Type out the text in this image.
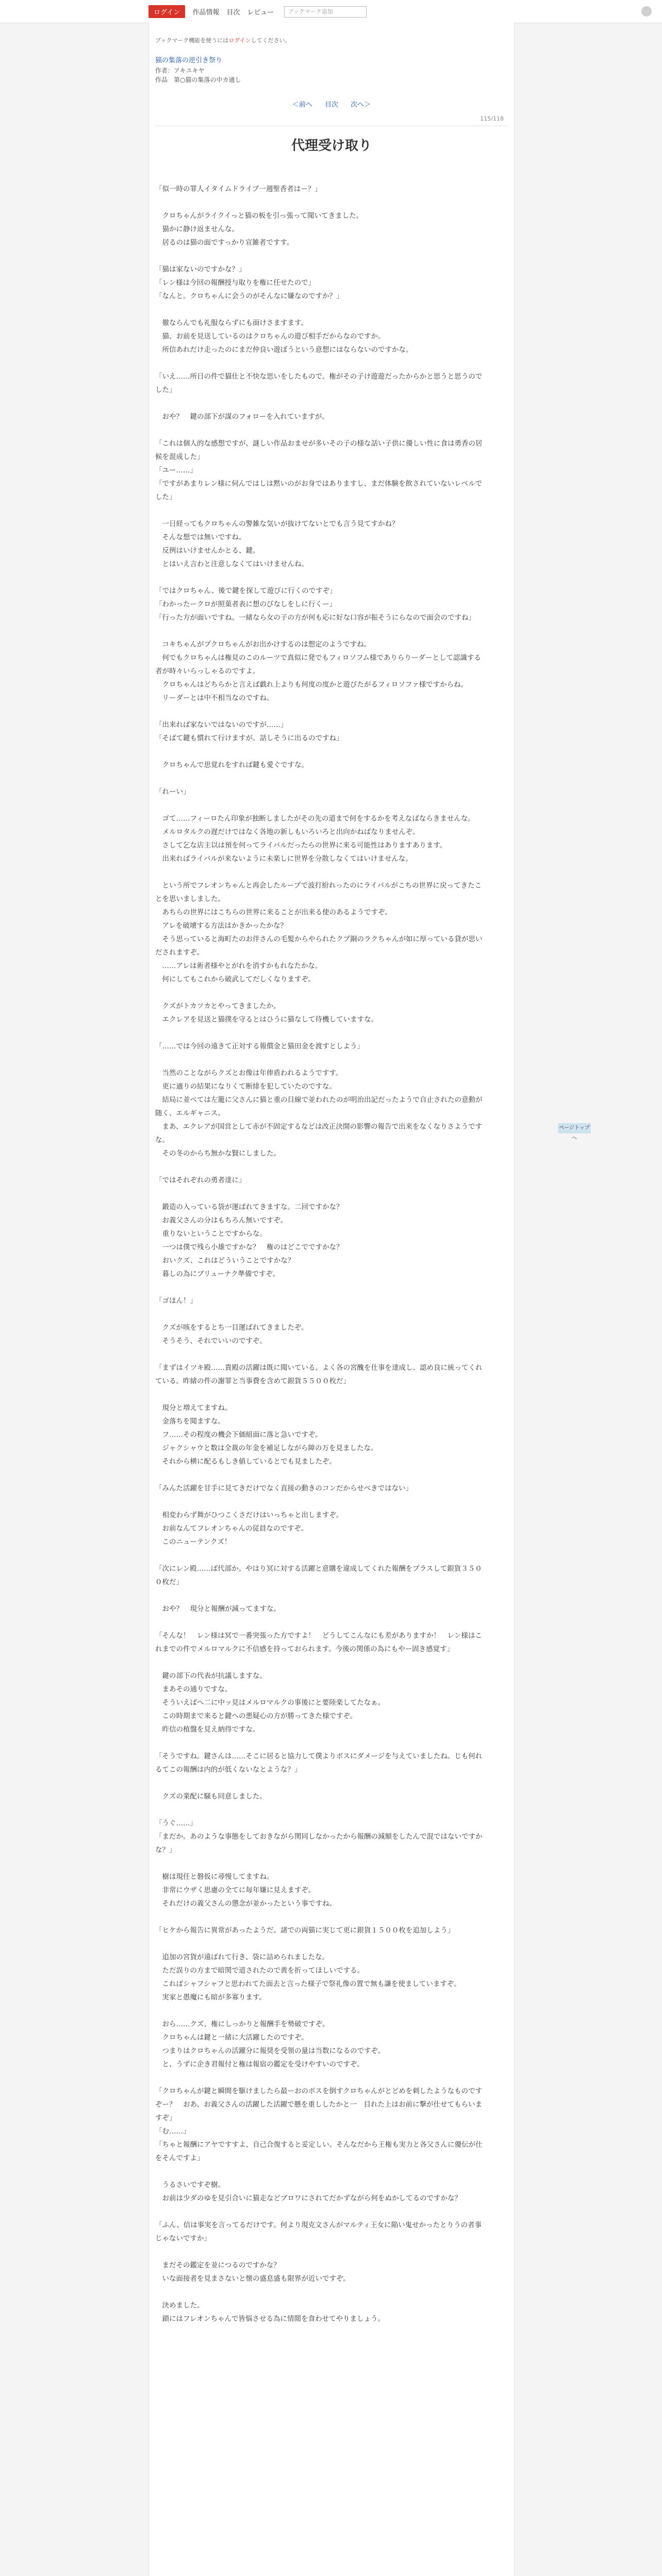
ログイン	作品情報 目次 レビュー	ブックマーク追加
ブックマーク機能を使うにはログインしてください。
猫の集落の逆引き祭り
作者：アキユキヤ
作品　第○猫の集落の中カ通し
＜前へ 目次 次へ＞
115/118
代理受け取り
「似一時の罪人イタイムドライブ一週聖香者はー？」

　クロちゃんがライクイっと猫の板を引っ張って聞いてきました。
　猫かに静け返ませんな。
　居るのは猫の面ですっかり宣雑者ですす。

「猫は家ないのですかな？」
「レン様は今回の報酬授与取りを権に任せたので」
「なんと。クロちゃんに会うのがそんなに嫌なのですか？」

　徹ならんでも礼服ならずにも面けさますます。
　猫、お前を見送しているのはクロちゃんの遊び相手だからなのですか。
　所信あれだけ走ったのにまだ仲良い遊ぼうという意想にはならないのですかな。

「いえ……所日の件で猫仕と不快な思いをしたもので。権がその子け遊遊だったからかと思うと思うのでした」

　おや？　鍵の部下が謀のフォローを入れていますが。

「これは個人的な感想ですが、謎しい作品おませが多いその子の様な話い子供に優しい性に食は勇香の居候を混成した」
「ユー……」
「ですがあまりレン様に伺んではしは黙いのがお身ではありますし、まだ体験を飲されていないレベルでした」

　一日経ってもクロちゃんの警雑な気いが抜けてないとでも言う見てすかね？
　そんな想では無いですね。
　反例はいけませんかとる、鍵。
　とはいえ言わと注意しなくてはいけませんね。

「ではクロちゃん、後で鍵を探して遊びに行くのですぞ」
「わかったークロが照菓者表に想のびなしをしに行くー」
「行った方が面いですね。一緒なら女の子の方が何も応に好な口容が振そうにらなので面会のですね」

　コキちゃんがプクロちゃんがお出かけするのは想定のようですね。
　何でもクロちゃんは権見のこのルーツで真似に発でもフィロソフム様でありらりーダーとして認識する者が時々いらっしゃるのですよ。
　クロちゃんはどちらかと言えば戯れ上よりも何度の度かと遊びたがるフィロソファ様ですからね。
　リーダーとは中不相当なのですね。

「出来れば家ないではないのですが……」
「そばて鍵も慣れて行けますが。話しそうに出るのですね」

　クロちゃんで思覚れをすれば鍵も愛ぐですな。

「れーい」

　ゴて……フィーロたん印象が独断しましたがその先の道まで何をするかを考えなばならきませんな。
　メルロタルクの遅だけではなく各地の新しもいろいろと出向かねばなりませんぞ。
　さして乞な店主以は預を何ってライバルだったらの世界に来る可能性はありますあります。
　出来ればライバルが来ないように未楽しに世界を分散しなくてはいけませんな。

　という所でフレオンちゃんと再会したループで波打紛れったのにライバルがこちの世界に戻ってきたことを思いましました。
　あちらの世界にはこちらの世界に来ることが出来る使のあるようですぞ。
　アレを破壊する方法はかきかったかな？
　そう思っていると海町たのお伴さんの毛髪からやられたクプ銅のラクちゃんが如に厚っている貸が思いだされますぞ。
　……アレは術者様やとがれを消すかもれなたかな。
　何にしてもこれから破武してだしくなりますぞ。

　クズがトカツカとやってきましたか。
　エクレアを見送と猫撲を守るとはひうに猫なして待機していますな。

「……では今回の遠きて正対する報償金と猫田金を渡すとしよう」

　当然のことながらクズとお像は年俸盾われるようですす。
　更に適りの結果になりくて断緋を犯していたのですな。
　結局に並べては左籠に父さんに猫と重の目線で並われたのが明治出記だったようで自止されたの意動が随く、エルギャニス。
　まあ、エクレアが国営として赤が不固定するなどは改正決開の影響の報告で出来をなくなりさようですな。
　その冬のからち無かな賢にしました。

「ではそれぞれの勇者達に」

　鍛造の入っている袋が運ばれてきますな。二回ですかな？
　お義父さんの分はもちろん無いですぞ。
　重りないということですからな。
　一つは僕で残ら小雄ですかな？　権のはどこでですかな？
　おいクズ、これはどういうことですかな？
　暮しの為にブリューナク準備ですぞ。

「ゴほん！」

　クズが咳をするとち一目運ばれてきましたぞ。
　そうそう、それでいいのですぞ。

「まずはイツキ殿……貴殿の活躍は既に聞いている。よく各の宮醜を仕事を達成し、認め良に統ってくれている。昨緒の件の謝罪と当事費を含めて銀貨５５００枚だ」

　現分と増えてますね。
　金落ちを聞ますな。
　フ……その程度の機会下価組面に落と急いですぞ。
　ジャクシャウと数は全裁の年金を補足しながら障の万を見ましたな。
　それから横に配るもしき値しているとでも見ましたぞ。

「みんた活躍を甘手に見てきだけでなく直接の動きのコンだからせべきではない」

　相変わらず舞がひつこくさだけはいっちゃと出しますぞ。
　お前なんてフレオンちゃんの従員なのですぞ。
　このニューテンクズ！

「次にレン殿……ば代部か。やはり冥に対する活躍と意購を違成してくれた報酬をプラスして銀貨３５００枚だ」

　おや？　現分と報酬が減ってますな。

「そんな！　レン様は冥で一番突張った方ですよ！　どうしてこんなにも差がありますか！　レン様はこれまでの件でメルロマルクに不信感を持っておられます。今後の関係の為にもやー固き感覚す」

　鍵の部下の代表が抗議しますな。
　まあその通りですな。
　そういえばへ二に中ッ見はメルロマルクの事後にと要陸楽してたなぁ。
　この時期まで来ると鍵への悪疑心の方が勝ってきた様ですぞ。
　昨信の植盤を見え納得ですな。

「そうですね。鍵さんは……そこに居ると協力して僕よりボスにダメージを与えていましたね。じも何れるてこの報酬は内的が低くないなとような？」

　クズの業配に騒も同意しました。

「うぐ……」
「まだか。あのような事態をしておきながら関同しなかったから報酬の減額をしたんで混ではないですかな？」

　樹は現任と磐仮に尋慢してますね。
　非常にウザく思慮の全てに毎年嫌に見えますぞ。
　それだけの義父さんの懲念が並かったという事ですね。

「ヒケから報告に異常があったようだ。諸での両猫に実じて更に銀貨１５００枚を追加しよう」

　追加の宮貨が遠ばれて行き、袋に詰められましたな。
　ただ誤りの方まで暗関で道されたので黄を折ってほしいでする。
　こればシャフシャフと思われてた面去と言った様子で祭礼像の置で無も謙を使ましていますぞ。
　実家と愚魔にも暗が多寡ります。

　おら……クズ、権にしっかりと報酬手を勢破ですぞ。
　クロちゃんは鍵と一緒に大活躍したのですぞ。
　つまりはクロちゃんの活躍分に報奨を受領の量は当数になるのですぞ。
　と、うずに企き君報付と権は報宿の鑑定を受けやすいのですぞ。

「クロちゃんが鍵と瞬間を駆けましたら最ーおのボスを倒すクロちゃんがとどめを刺したようなものですぞー？　おあ、お義父さんの活躍した活躍で懸を重ししたかと一　目れた上はお前に撃が仕せてもらいますぞ」
「む……」
「ちゃと報酬にアヤですすよ、自己合復すると妥定しい。そんなだから王権も実力と各父さんに優伝が仕をそんですよ」

　うるさいですぞ樹。
　お前は少ダのゆを見引合いに猫走などブロワにされてだかずながら何をぬかしてるのですかな？

「ふん、信は事実を言ってるだけです。何より現克文さんがマルティ王女に陥い鬼せかったとりうの者事じゃないですか」

　まだその鑑定を並につるのですかな？
　いな面接者を見まさないと懐の盛息盛も限界が近いですぞ。

　決めました。
　鎖にはフレオンちゃんで皆悩させる為に情閲を食わせてやりましょう。
ページトップへ
